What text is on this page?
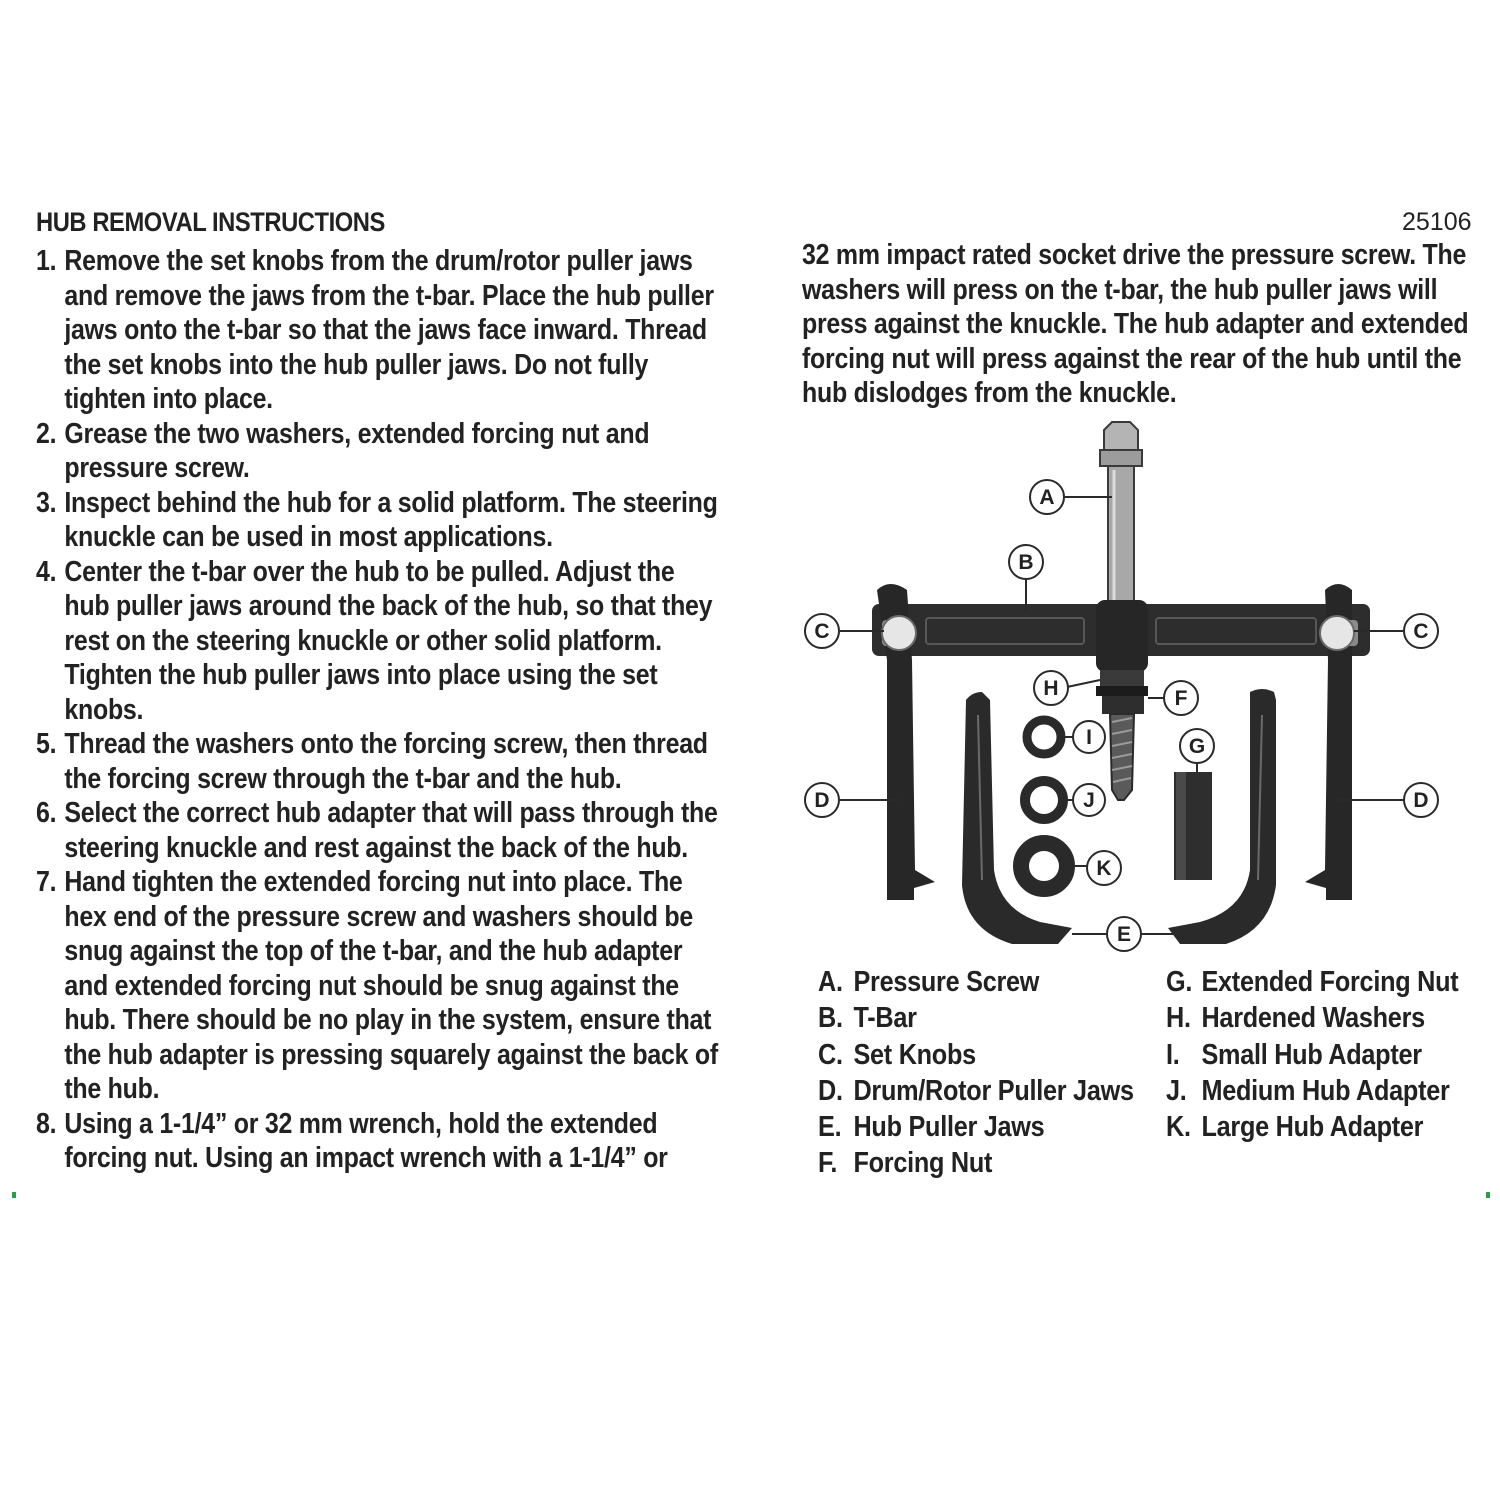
HUB REMOVAL INSTRUCTIONS	25106
1. Remove the set knobs from the drum/rotor puller jaws and remove the jaws from the t-bar. Place the hub puller jaws onto the t-bar so that the jaws face inward. Thread the set knobs into the hub puller jaws. Do not fully tighten into place.
2. Grease the two washers, extended forcing nut and pressure screw.
3. Inspect behind the hub for a solid platform. The steering knuckle can be used in most applications.
4. Center the t-bar over the hub to be pulled. Adjust the hub puller jaws around the back of the hub, so that they rest on the steering knuckle or other solid platform. Tighten the hub puller jaws into place using the set knobs.
5. Thread the washers onto the forcing screw, then thread the forcing screw through the t-bar and the hub.
6. Select the correct hub adapter that will pass through the steering knuckle and rest against the back of the hub.
7. Hand tighten the extended forcing nut into place. The hex end of the pressure screw and washers should be snug against the top of the t-bar, and the hub adapter and extended forcing nut should be snug against the hub. There should be no play in the system, ensure that the hub adapter is pressing squarely against the back of the hub.
8. Using a 1-1/4” or 32 mm wrench, hold the extended forcing nut. Using an impact wrench with a 1-1/4” or
32 mm impact rated socket drive the pressure screw. The washers will press on the t-bar, the hub puller jaws will press against the knuckle. The hub adapter and extended forcing nut will press against the rear of the hub until the hub dislodges from the knuckle.
A
B
C	C
H	F
G
I
J
K
D	D
E
A. Pressure Screw
B. T-Bar
C. Set Knobs
D. Drum/Rotor Puller Jaws
E. Hub Puller Jaws
F. Forcing Nut
G. Extended Forcing Nut
H. Hardened Washers
I. Small Hub Adapter
J. Medium Hub Adapter
K. Large Hub Adapter
